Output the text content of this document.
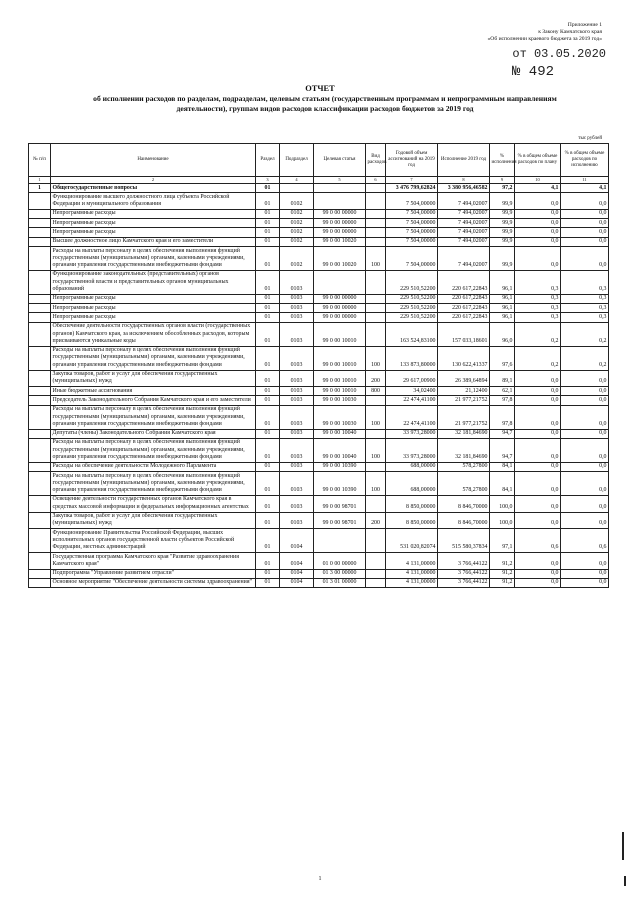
Приложение 1
к Закону Камчатского края
«Об исполнении краевого бюджета за 2019 год»
от 03.05.2020
№ 492
ОТЧЕТ
об исполнении расходов по разделам, подразделам, целевым статьям (государственным программам и непрограммным направлениям деятельности), группам видов расходов классификации расходов бюджетов за 2019 год
тыс рублей
№ п/п	Наименование	Раздел	Подраздел	Целевая статья	Вид расходов	Годовой объем ассигнований на 2019 год	Исполнение 2019 год	% исполнения	% в общем объеме расходов по плану	% в общем объеме расходов по исполнению
1	2	3	4	5	6	7	8	9	10	11
1	Общегосударственные вопросы	01				3 476 799,62824	3 380 956,46582	97,2	4,1	4,1
	Функционирование высшего должностного лица субъекта Российской Федерации и муниципального образования	01	0102			7 504,00000	7 494,02007	99,9	0,0	0,0
	Непрограммные расходы	01	0102	99 0 00 00000		7 504,00000	7 494,02007	99,9	0,0	0,0
	Непрограммные расходы	01	0102	99 0 00 00000		7 504,00000	7 494,02007	99,9	0,0	0,0
	Непрограммные расходы	01	0102	99 0 00 00000		7 504,00000	7 494,02007	99,9	0,0	0,0
	Высшее должностное лицо Камчатского края и его заместители	01	0102	99 0 00 10020		7 504,00000	7 494,02007	99,9	0,0	0,0
	Расходы на выплаты персоналу в целях обеспечения выполнения функций государственными (муниципальными) органами, казенными учреждениями, органами управления государственными внебюджетными фондами	01	0102	99 0 00 10020	100	7 504,00000	7 494,02007	99,9	0,0	0,0
	Функционирование законодательных (представительных) органов государственной власти и представительных органов муниципальных образований	01	0103			229 510,52200	220 617,22843	96,1	0,3	0,3
	Непрограммные расходы	01	0103	99 0 00 00000		229 510,52200	220 617,22843	96,1	0,3	0,3
	Непрограммные расходы	01	0103	99 0 00 00000		229 510,52200	220 617,22843	96,1	0,3	0,3
	Непрограммные расходы	01	0103	99 0 00 00000		229 510,52200	220 617,22843	96,1	0,3	0,3
	Обеспечение деятельности государственных органов власти (государственных органов) Камчатского края, за исключением обособленных расходов, которым присваиваются уникальные коды	01	0103	99 0 00 10010		163 524,83100	157 033,18601	96,0	0,2	0,2
	Расходы на выплаты персоналу в целях обеспечения выполнения функций государственными (муниципальными) органами, казенными учреждениями, органами управления государственными внебюджетными фондами	01	0103	99 0 00 10010	100	133 873,80000	130 622,41337	97,6	0,2	0,2
	Закупка товаров, работ и услуг для обеспечения государственных (муниципальных) нужд	01	0103	99 0 00 10010	200	29 617,00900	26 389,64894	89,1	0,0	0,0
	Иные бюджетные ассигнования	01	0103	99 0 00 10010	800	34,02400	21,12400	62,1	0,0	0,0
	Председатель Законодательного Собрания Камчатского края и его заместители	01	0103	99 0 00 10030		22 474,41100	21 977,21752	97,8	0,0	0,0
	Расходы на выплаты персоналу в целях обеспечения выполнения функций государственными (муниципальными) органами, казенными учреждениями, органами управления государственными внебюджетными фондами	01	0103	99 0 00 10030	100	22 474,41100	21 977,21752	97,8	0,0	0,0
	Депутаты (члены) Законодательного Собрания Камчатского края	01	0103	99 0 00 10040		33 973,28000	32 181,84690	94,7	0,0	0,0
	Расходы на выплаты персоналу в целях обеспечения выполнения функций государственными (муниципальными) органами, казенными учреждениями, органами управления государственными внебюджетными фондами	01	0103	99 0 00 10040	100	33 973,28000	32 181,84690	94,7	0,0	0,0
	Расходы на обеспечение деятельности Молодежного Парламента	01	0103	99 0 00 10390		688,00000	578,27800	84,1	0,0	0,0
	Расходы на выплаты персоналу в целях обеспечения выполнения функций государственными (муниципальными) органами, казенными учреждениями, органами управления государственными внебюджетными фондами	01	0103	99 0 00 10390	100	688,00000	578,27800	84,1	0,0	0,0
	Освещение деятельности государственных органов Камчатского края в средствах массовой информации и федеральных информационных агентствах	01	0103	99 0 00 98701		8 850,00000	8 846,70000	100,0	0,0	0,0
	Закупка товаров, работ и услуг для обеспечения государственных (муниципальных) нужд	01	0103	99 0 00 98701	200	8 850,00000	8 846,70000	100,0	0,0	0,0
	Функционирование Правительства Российской Федерации, высших исполнительных органов государственной власти субъектов Российской Федерации, местных администраций	01	0104			531 020,82074	515 580,37834	97,1	0,6	0,6
	Государственная программа Камчатского края "Развитие здравоохранения Камчатского края"	01	0104	01 0 00 00000		4 131,00000	3 766,44122	91,2	0,0	0,0
	Подпрограмма "Управление развитием отрасли"	01	0104	01 3 00 00000		4 131,00000	3 766,44122	91,2	0,0	0,0
	Основное мероприятие "Обеспечение деятельности системы здравоохранения"	01	0104	01 3 01 00000		4 131,00000	3 766,44122	91,2	0,0	0,0
1
